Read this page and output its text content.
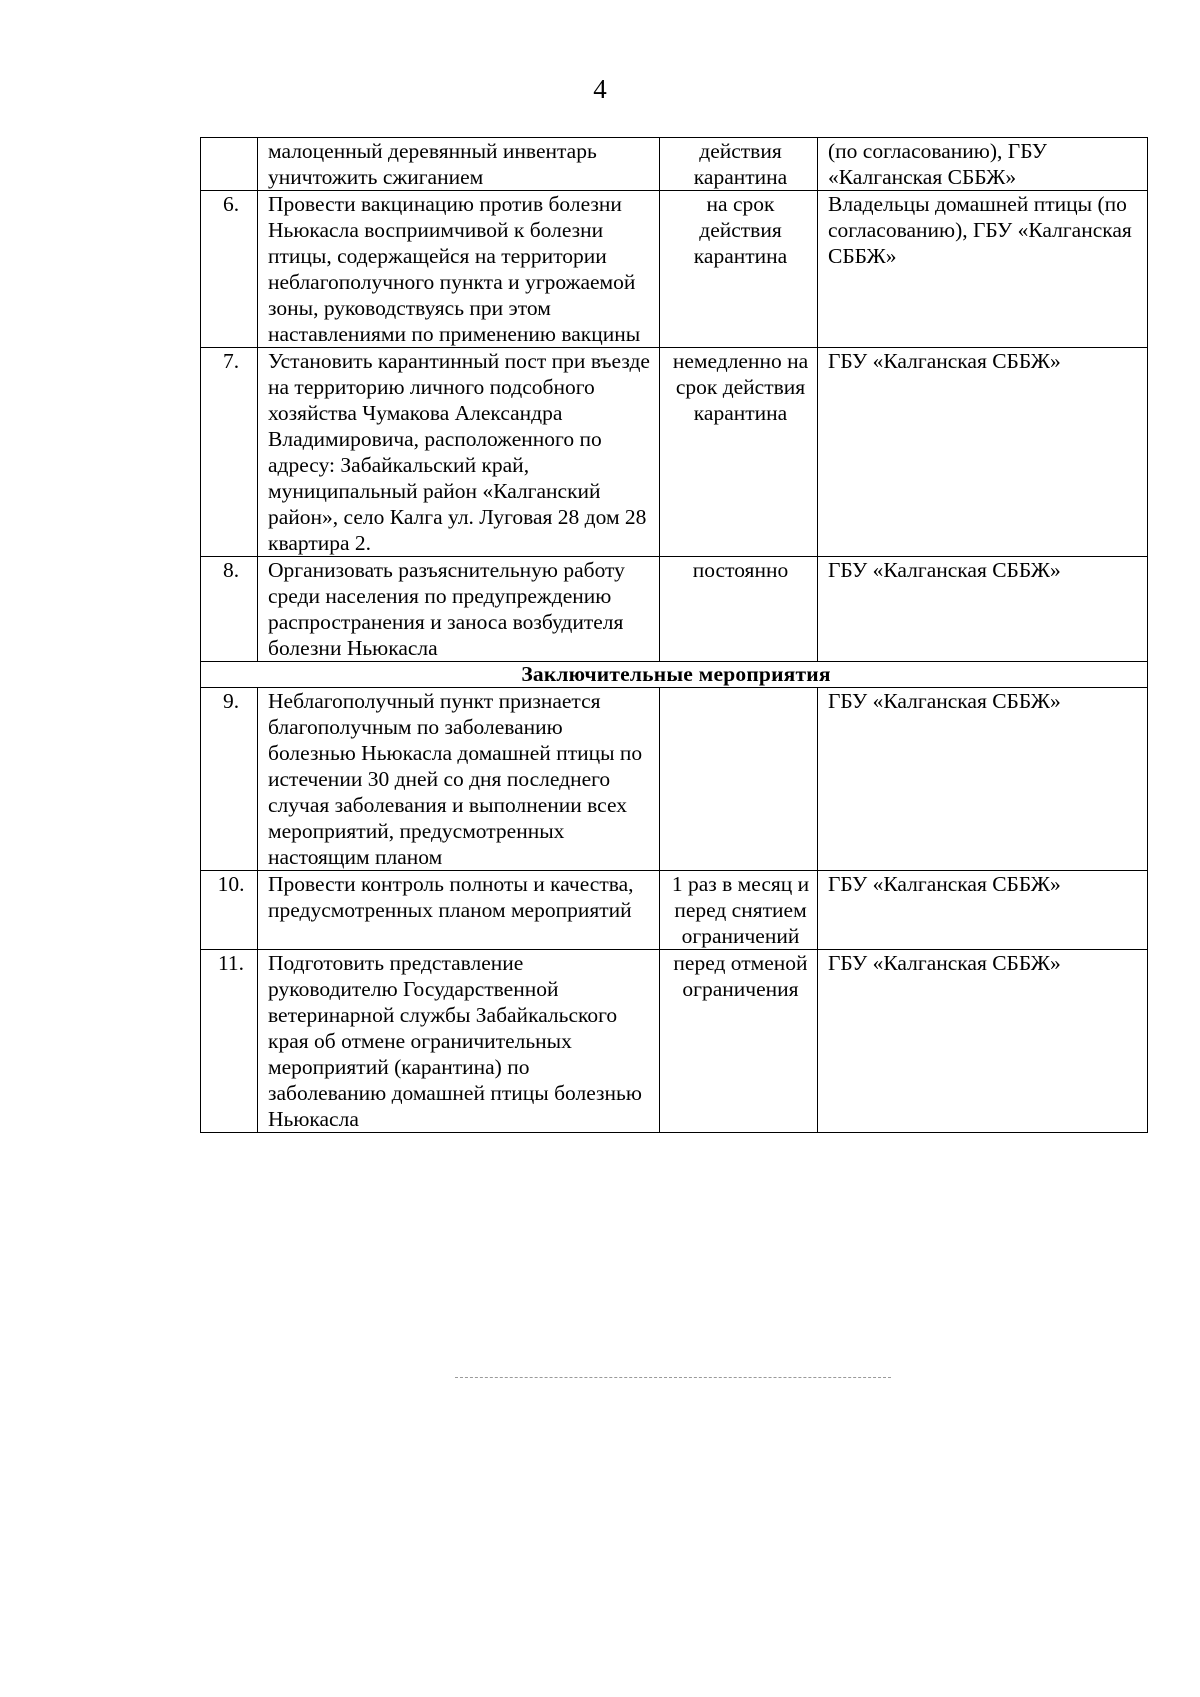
4
	малоценный деревянный инвентарь уничтожить сжиганием	действия карантина	(по согласованию), ГБУ «Калганская СББЖ»
6.	Провести вакцинацию против болезни Ньюкасла восприимчивой к болезни птицы, содержащейся на территории неблагополучного пункта и угрожаемой зоны, руководствуясь при этом наставлениями по применению вакцины	на срок действия карантина	Владельцы домашней птицы (по согласованию), ГБУ «Калганская СББЖ»
7.	Установить карантинный пост при въезде на территорию личного подсобного хозяйства Чумакова Александра Владимировича, расположенного по адресу: Забайкальский край, муниципальный район «Калганский район», село Калга ул. Луговая 28 дом 28 квартира 2.	немедленно на срок действия карантина	ГБУ «Калганская СББЖ»
8.	Организовать разъяснительную работу среди населения по предупреждению распространения и заноса возбудителя болезни Ньюкасла	постоянно	ГБУ «Калганская СББЖ»
Заключительные мероприятия			
9.	Неблагополучный пункт признается благополучным по заболеванию болезнью Ньюкасла домашней птицы по истечении 30 дней со дня последнего случая заболевания и выполнении всех мероприятий, предусмотренных настоящим планом		ГБУ «Калганская СББЖ»
10.	Провести контроль полноты и качества, предусмотренных планом мероприятий	1 раз в месяц и перед снятием ограничений	ГБУ «Калганская СББЖ»
11.	Подготовить представление руководителю Государственной ветеринарной службы Забайкальского края об отмене ограничительных мероприятий (карантина) по заболеванию домашней птицы болезнью Ньюкасла	перед отменой ограничения	ГБУ «Калганская СББЖ»
